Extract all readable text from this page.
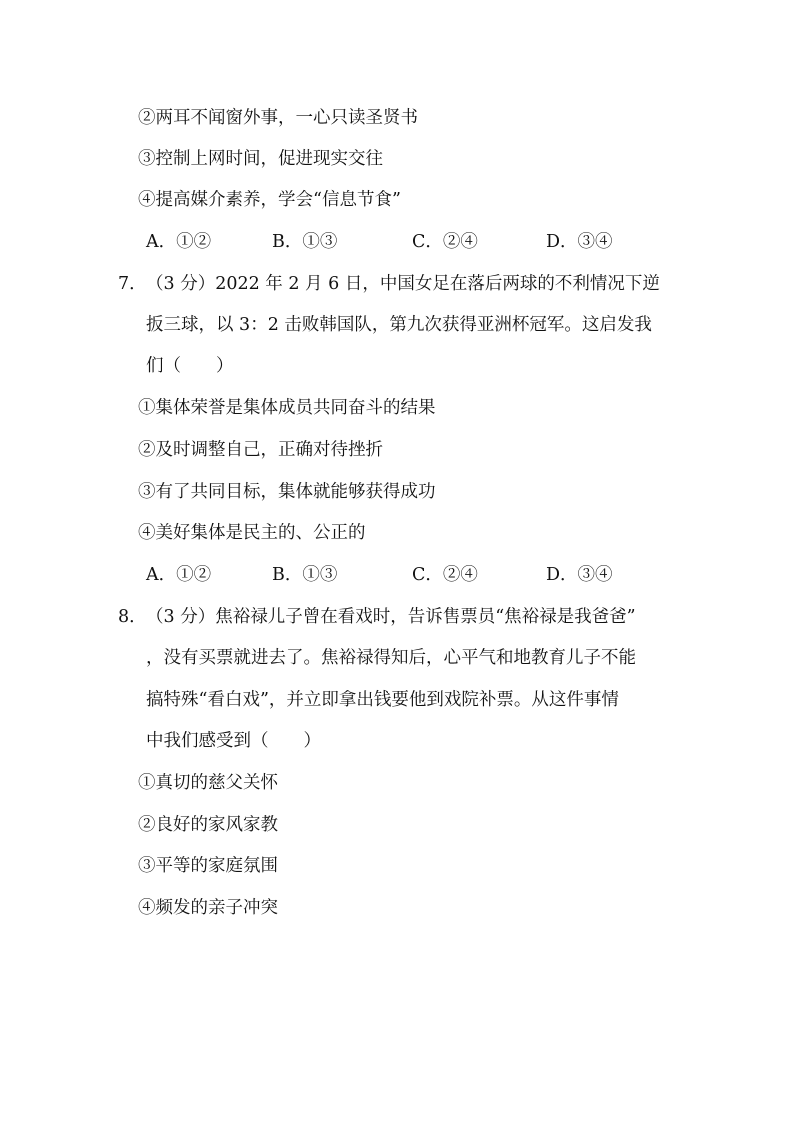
②两耳不闻窗外事，一心只读圣贤书
③控制上网时间，促进现实交往
④提高媒介素养，学会“信息节食”
A．①②	B．①③	C．②④	D．③④
7． （3 分）2022 年 2 月 6 日，中国女足在落后两球的不利情况下逆
扳三球，以 3：2 击败韩国队，第九次获得亚洲杯冠军。这启发我
们（　　）
①集体荣誉是集体成员共同奋斗的结果
②及时调整自己，正确对待挫折
③有了共同目标，集体就能够获得成功
④美好集体是民主的、公正的
A．①②	B．①③	C．②④	D．③④
8． （3 分）焦裕禄儿子曾在看戏时，告诉售票员“焦裕禄是我爸爸”
，没有买票就进去了。焦裕禄得知后，心平气和地教育儿子不能
搞特殊“看白戏”，并立即拿出钱要他到戏院补票。从这件事情
中我们感受到（　　）
①真切的慈父关怀
②良好的家风家教
③平等的家庭氛围
④频发的亲子冲突
